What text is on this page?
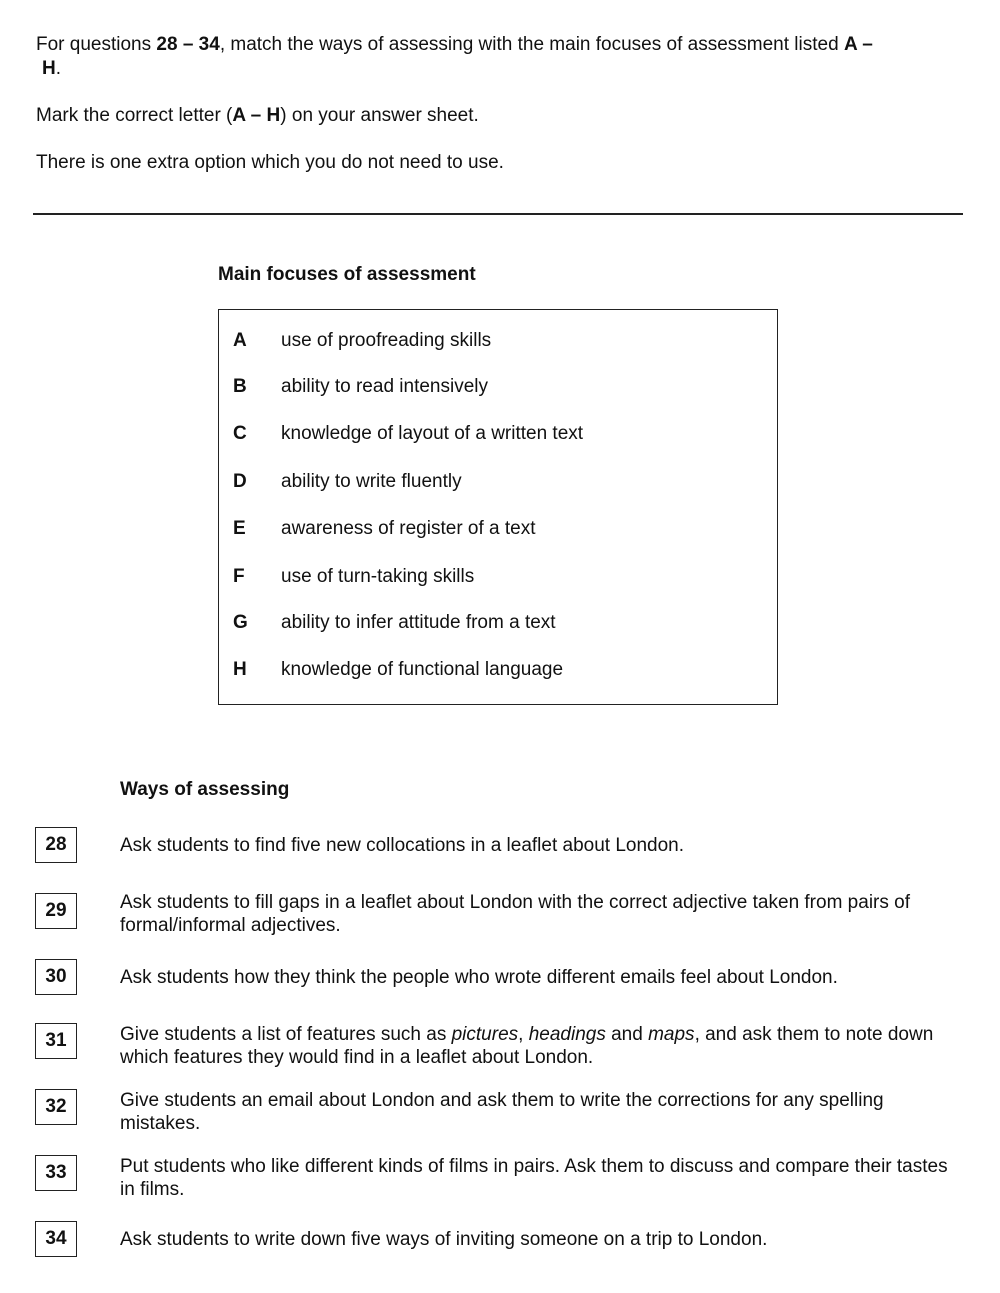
For questions 28 – 34, match the ways of assessing with the main focuses of assessment listed A –
H.

Mark the correct letter (A – H) on your answer sheet.

There is one extra option which you do not need to use.

Main focuses of assessment
A	use of proofreading skills
B	ability to read intensively
C	knowledge of layout of a written text
D	ability to write fluently
E	awareness of register of a text
F	use of turn-taking skills
G	ability to infer attitude from a text
H	knowledge of functional language
Ways of assessing
28	Ask students to find five new collocations in a leaflet about London.
29	Ask students to fill gaps in a leaflet about London with the correct adjective taken from pairs of formal/informal adjectives.
30	Ask students how they think the people who wrote different emails feel about London.
31	Give students a list of features such as pictures, headings and maps, and ask them to note down which features they would find in a leaflet about London.
32	Give students an email about London and ask them to write the corrections for any spelling mistakes.
33	Put students who like different kinds of films in pairs. Ask them to discuss and compare their tastes in films.
34	Ask students to write down five ways of inviting someone on a trip to London.
